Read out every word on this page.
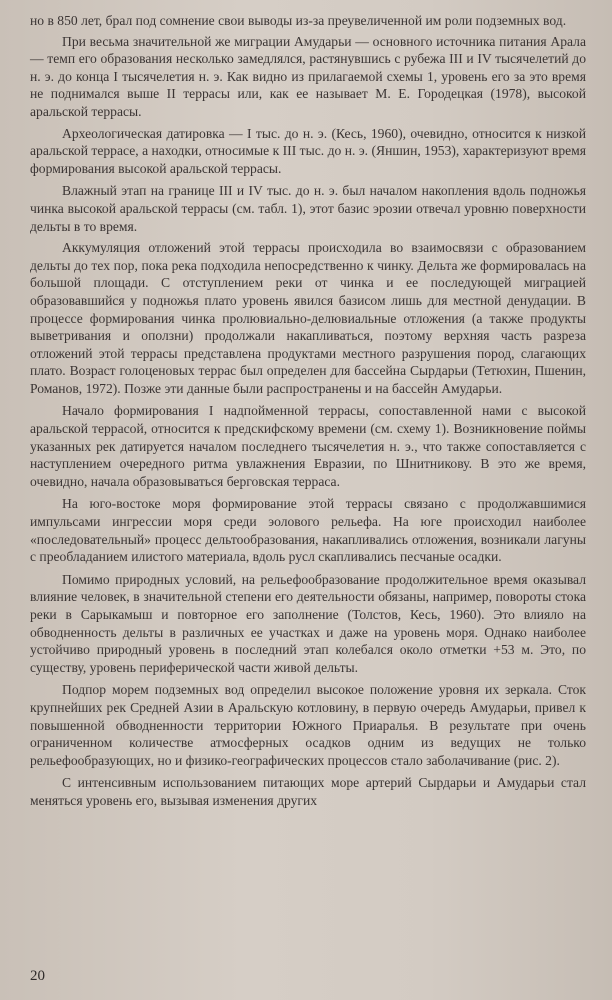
но в 850 лет, брал под сомнение свои выводы из-за преувеличенной им роли подземных вод.

При весьма значительной же миграции Амударьи — основного источника питания Арала — темп его образования несколько замедлялся, растянувшись с рубежа III и IV тысячелетий до н. э. до конца I тысячелетия н. э. Как видно из прилагаемой схемы 1, уровень его за это время не поднимался выше II террасы или, как ее называет М. Е. Городецкая (1978), высокой аральской террасы.

Археологическая датировка — I тыс. до н. э. (Кесь, 1960), очевидно, относится к низкой аральской террасе, а находки, относимые к III тыс. до н. э. (Яншин, 1953), характеризуют время формирования высокой аральской террасы.

Влажный этап на границе III и IV тыс. до н. э. был началом накопления вдоль подножья чинка высокой аральской террасы (см. табл. 1), этот базис эрозии отвечал уровню поверхности дельты в то время.

Аккумуляция отложений этой террасы происходила во взаимосвязи с образованием дельты до тех пор, пока река подходила непосредственно к чинку. Дельта же формировалась на большой площади. С отступлением реки от чинка и ее последующей миграцией образовавшийся у подножья плато уровень явился базисом лишь для местной денудации. В процессе формирования чинка пролювиально-делювиальные отложения (а также продукты выветривания и оползни) продолжали накапливаться, поэтому верхняя часть разреза отложений этой террасы представлена продуктами местного разрушения пород, слагающих плато. Возраст голоценовых террас был определен для бассейна Сырдарьи (Тетюхин, Пшенин, Романов, 1972). Позже эти данные были распространены и на бассейн Амударьи.

Начало формирования I надпойменной террасы, сопоставленной нами с высокой аральской террасой, относится к предскифскому времени (см. схему 1). Возникновение поймы указанных рек датируется началом последнего тысячелетия н. э., что также сопоставляется с наступлением очередного ритма увлажнения Евразии, по Шнитникову. В это же время, очевидно, начала образовываться берговская терраса.

На юго-востоке моря формирование этой террасы связано с продолжавшимися импульсами ингрессии моря среди эолового рельефа. На юге происходил наиболее «последовательный» процесс дельтообразования, накапливались отложения, возникали лагуны с преобладанием илистого материала, вдоль русл скапливались песчаные осадки.

Помимо природных условий, на рельефообразование продолжительное время оказывал влияние человек, в значительной степени его деятельности обязаны, например, повороты стока реки в Сарыкамыш и повторное его заполнение (Толстов, Кесь, 1960). Это влияло на обводненность дельты в различных ее участках и даже на уровень моря. Однако наиболее устойчиво природный уровень в последний этап колебался около отметки +53 м. Это, по существу, уровень периферической части живой дельты.

Подпор морем подземных вод определил высокое положение уровня их зеркала. Сток крупнейших рек Средней Азии в Аральскую котловину, в первую очередь Амударьи, привел к повышенной обводненности территории Южного Приаралья. В результате при очень ограниченном количестве атмосферных осадков одним из ведущих не только рельефообразующих, но и физико-географических процессов стало заболачивание (рис. 2).

С интенсивным использованием питающих море артерий Сырдарьи и Амударьи стал меняться уровень его, вызывая изменения других

20
